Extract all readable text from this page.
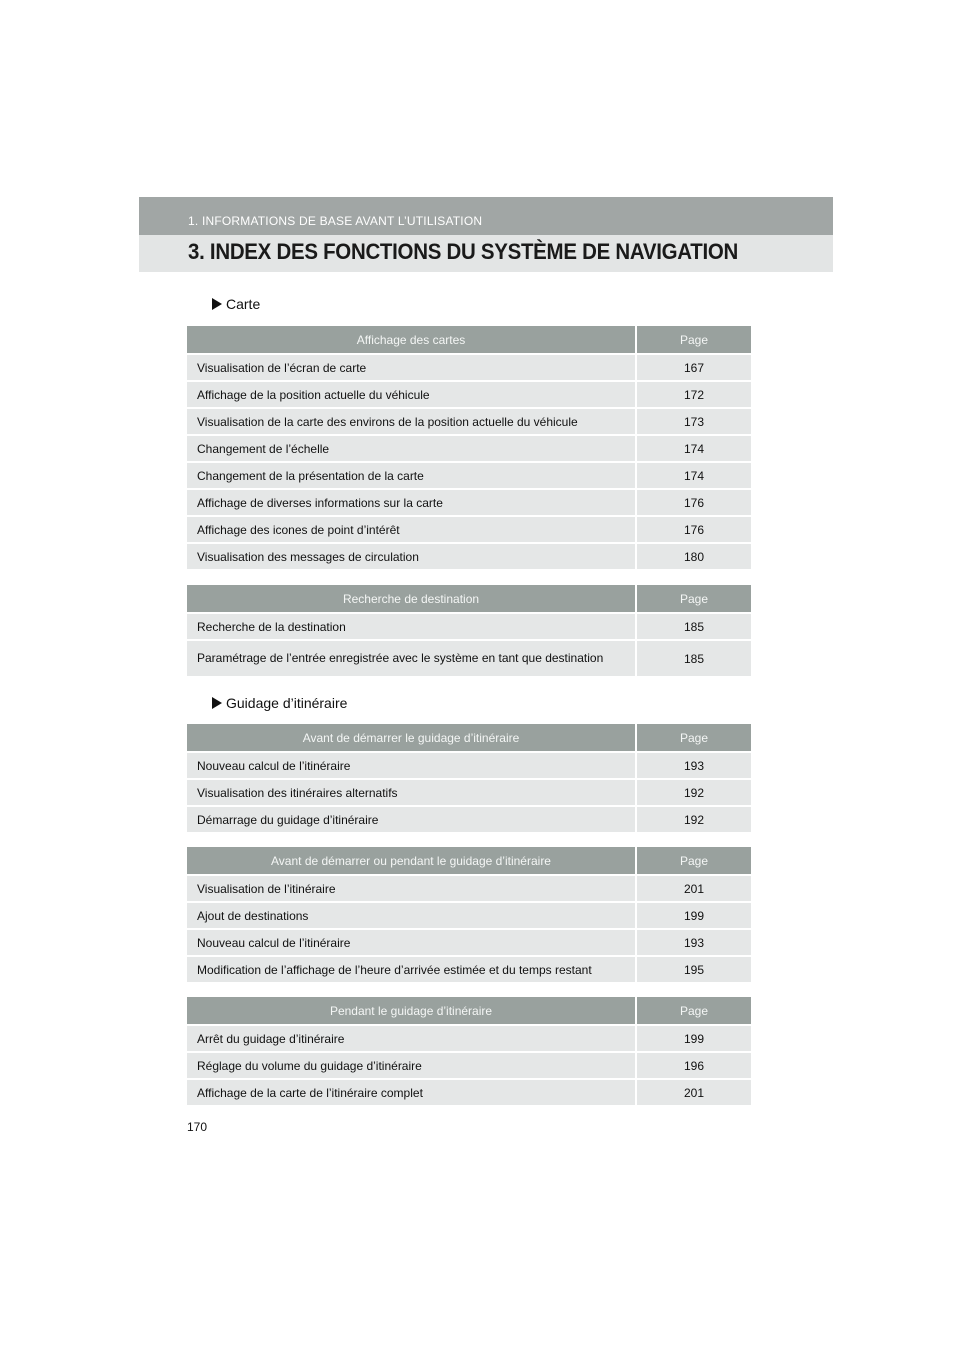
1. INFORMATIONS DE BASE AVANT L’UTILISATION
3. INDEX DES FONCTIONS DU SYSTÈME DE NAVIGATION
Carte
Affichage des cartes	Page
Visualisation de l’écran de carte	167
Affichage de la position actuelle du véhicule	172
Visualisation de la carte des environs de la position actuelle du véhicule	173
Changement de l’échelle	174
Changement de la présentation de la carte	174
Affichage de diverses informations sur la carte	176
Affichage des icones de point d’intérêt	176
Visualisation des messages de circulation	180
Recherche de destination	Page
Recherche de la destination	185
Paramétrage de l’entrée enregistrée avec le système en tant que destination	185
Guidage d’itinéraire
Avant de démarrer le guidage d’itinéraire	Page
Nouveau calcul de l’itinéraire	193
Visualisation des itinéraires alternatifs	192
Démarrage du guidage d’itinéraire	192
Avant de démarrer ou pendant le guidage d’itinéraire	Page
Visualisation de l’itinéraire	201
Ajout de destinations	199
Nouveau calcul de l’itinéraire	193
Modification de l’affichage de l’heure d’arrivée estimée et du temps restant	195
Pendant le guidage d’itinéraire	Page
Arrêt du guidage d’itinéraire	199
Réglage du volume du guidage d’itinéraire	196
Affichage de la carte de l’itinéraire complet	201
170
